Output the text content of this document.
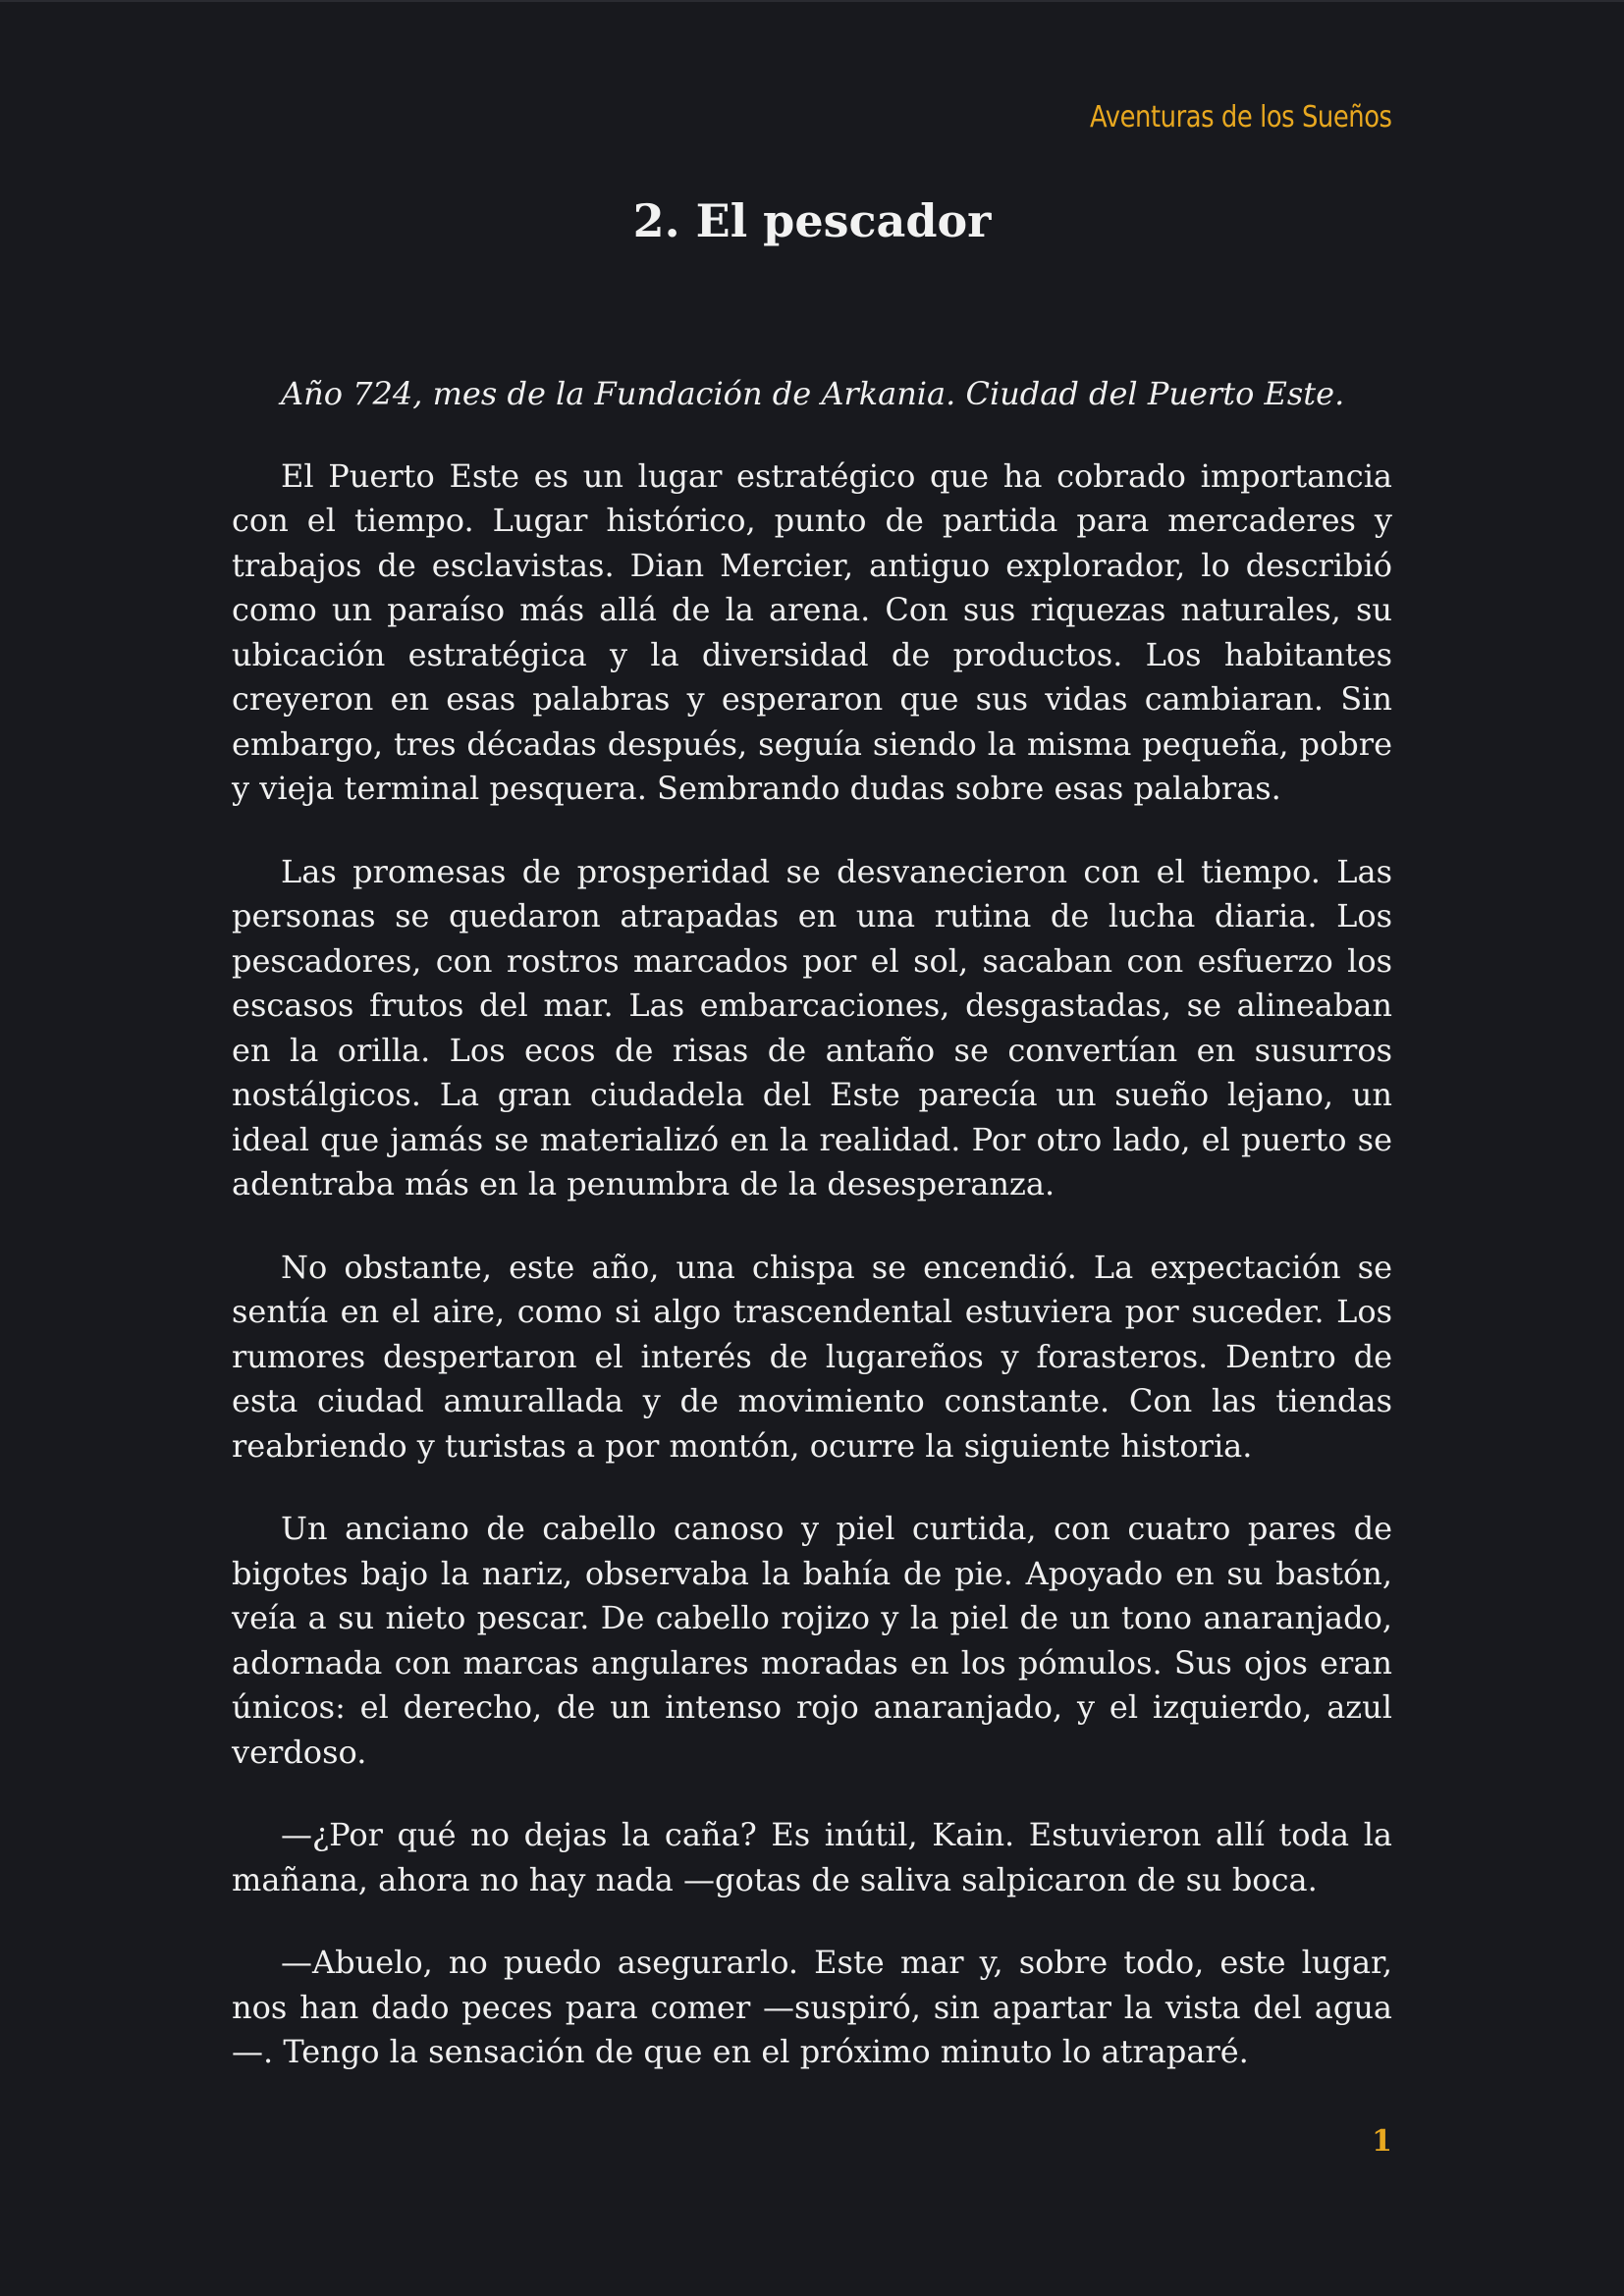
Aventuras de los Sueños
2. El pescador

Año 724, mes de la Fundación de Arkania. Ciudad del Puerto Este.

El Puerto Este es un lugar estratégico que ha cobrado importancia con el tiempo. Lugar histórico, punto de partida para mercaderes y trabajos de esclavistas. Dian Mercier, antiguo explorador, lo describió como un paraíso más allá de la arena. Con sus riquezas naturales, su ubicación estratégica y la diversidad de productos. Los habitantes creyeron en esas palabras y esperaron que sus vidas cambiaran. Sin embargo, tres décadas después, seguía siendo la misma pequeña, pobre y vieja terminal pesquera. Sembrando dudas sobre esas palabras.

Las promesas de prosperidad se desvanecieron con el tiempo. Las personas se quedaron atrapadas en una rutina de lucha diaria. Los pescadores, con rostros marcados por el sol, sacaban con esfuerzo los escasos frutos del mar. Las embarcaciones, desgastadas, se alineaban en la orilla. Los ecos de risas de antaño se convertían en susurros nostálgicos. La gran ciudadela del Este parecía un sueño lejano, un ideal que jamás se materializó en la realidad. Por otro lado, el puerto se adentraba más en la penumbra de la desesperanza.

No obstante, este año, una chispa se encendió. La expectación se sentía en el aire, como si algo trascendental estuviera por suceder. Los rumores despertaron el interés de lugareños y forasteros. Dentro de esta ciudad amurallada y de movimiento constante. Con las tiendas reabriendo y turistas a por montón, ocurre la siguiente historia.

Un anciano de cabello canoso y piel curtida, con cuatro pares de bigotes bajo la nariz, observaba la bahía de pie. Apoyado en su bastón, veía a su nieto pescar. De cabello rojizo y la piel de un tono anaranjado, adornada con marcas angulares moradas en los pómulos. Sus ojos eran únicos: el derecho, de un intenso rojo anaranjado, y el izquierdo, azul verdoso.

—¿Por qué no dejas la caña? Es inútil, Kain. Estuvieron allí toda la mañana, ahora no hay nada —gotas de saliva salpicaron de su boca.

—Abuelo, no puedo asegurarlo. Este mar y, sobre todo, este lugar, nos han dado peces para comer —suspiró, sin apartar la vista del agua—. Tengo la sensación de que en el próximo minuto lo atraparé.

1
